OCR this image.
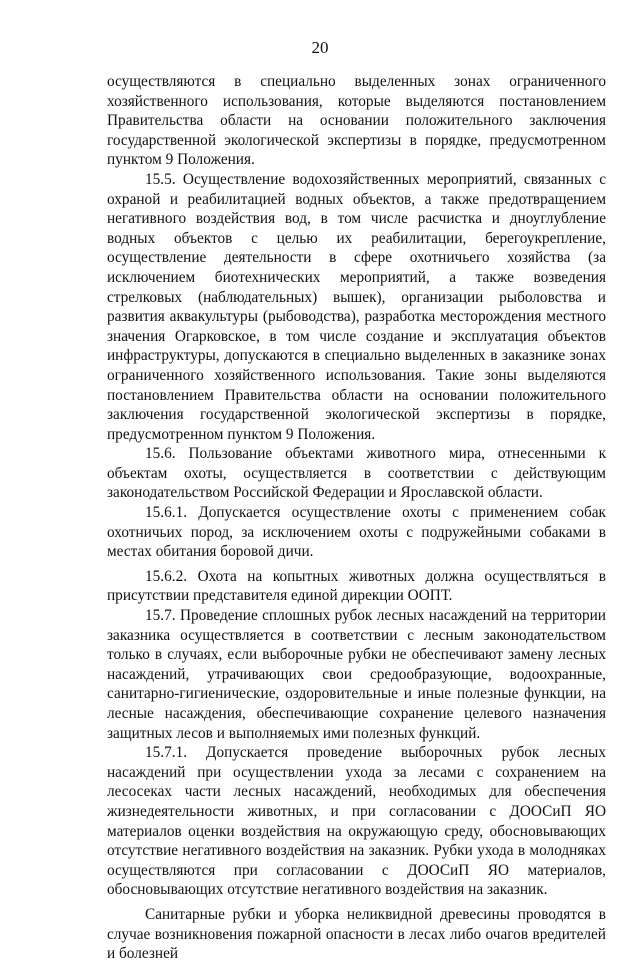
20

осуществляются в специально выделенных зонах ограниченного хозяйственного использования, которые выделяются постановлением Правительства области на основании положительного заключения государственной экологической экспертизы в порядке, предусмотренном пунктом 9 Положения.

15.5. Осуществление водохозяйственных мероприятий, связанных с охраной и реабилитацией водных объектов, а также предотвращением негативного воздействия вод, в том числе расчистка и дноуглубление водных объектов с целью их реабилитации, берегоукрепление, осуществление деятельности в сфере охотничьего хозяйства (за исключением биотехнических мероприятий, а также возведения стрелковых (наблюдательных) вышек), организации рыболовства и развития аквакультуры (рыбоводства), разработка месторождения местного значения Огарковское, в том числе создание и эксплуатация объектов инфраструктуры, допускаются в специально выделенных в заказнике зонах ограниченного хозяйственного использования. Такие зоны выделяются постановлением Правительства области на основании положительного заключения государственной экологической экспертизы в порядке, предусмотренном пунктом 9 Положения.

15.6. Пользование объектами животного мира, отнесенными к объектам охоты, осуществляется в соответствии с действующим законодательством Российской Федерации и Ярославской области.

15.6.1. Допускается осуществление охоты с применением собак охотничьих пород, за исключением охоты с подружейными собаками в местах обитания боровой дичи.

15.6.2. Охота на копытных животных должна осуществляться в присутствии представителя единой дирекции ООПТ.

15.7. Проведение сплошных рубок лесных насаждений на территории заказника осуществляется в соответствии с лесным законодательством только в случаях, если выборочные рубки не обеспечивают замену лесных насаждений, утрачивающих свои средообразующие, водоохранные, санитарно-гигиенические, оздоровительные и иные полезные функции, на лесные насаждения, обеспечивающие сохранение целевого назначения защитных лесов и выполняемых ими полезных функций.

15.7.1. Допускается проведение выборочных рубок лесных насаждений при осуществлении ухода за лесами с сохранением на лесосеках части лесных насаждений, необходимых для обеспечения жизнедеятельности животных, и при согласовании с ДООСиП ЯО материалов оценки воздействия на окружающую среду, обосновывающих отсутствие негативного воздействия на заказник. Рубки ухода в молодняках осуществляются при согласовании с ДООСиП ЯО материалов, обосновывающих отсутствие негативного воздействия на заказник.

Санитарные рубки и уборка неликвидной древесины проводятся в случае возникновения пожарной опасности в лесах либо очагов вредителей и болезней
